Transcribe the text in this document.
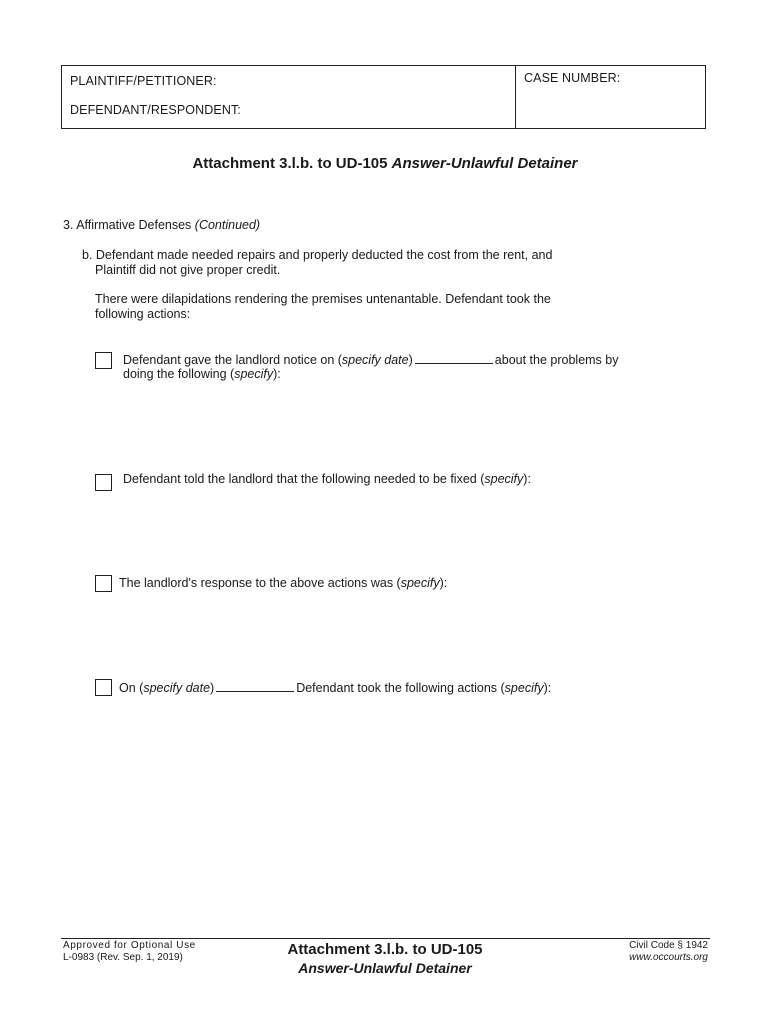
PLAINTIFF/PETITIONER:
DEFENDANT/RESPONDENT:
CASE NUMBER:
Attachment 3.l.b. to UD-105 Answer-Unlawful Detainer
3. Affirmative Defenses (Continued)
b. Defendant made needed repairs and properly deducted the cost from the rent, and
Plaintiff did not give proper credit.
There were dilapidations rendering the premises untenantable. Defendant took the
following actions:
Defendant gave the landlord notice on (specify date)	about the problems by
doing the following (specify):
Defendant told the landlord that the following needed to be fixed (specify):
The landlord's response to the above actions was (specify):
On (specify date)	Defendant took the following actions (specify):
Approved for Optional Use
L-0983 (Rev. Sep. 1, 2019)	Attachment 3.l.b. to UD-105
Answer-Unlawful Detainer
Civil Code § 1942
www.occourts.org
